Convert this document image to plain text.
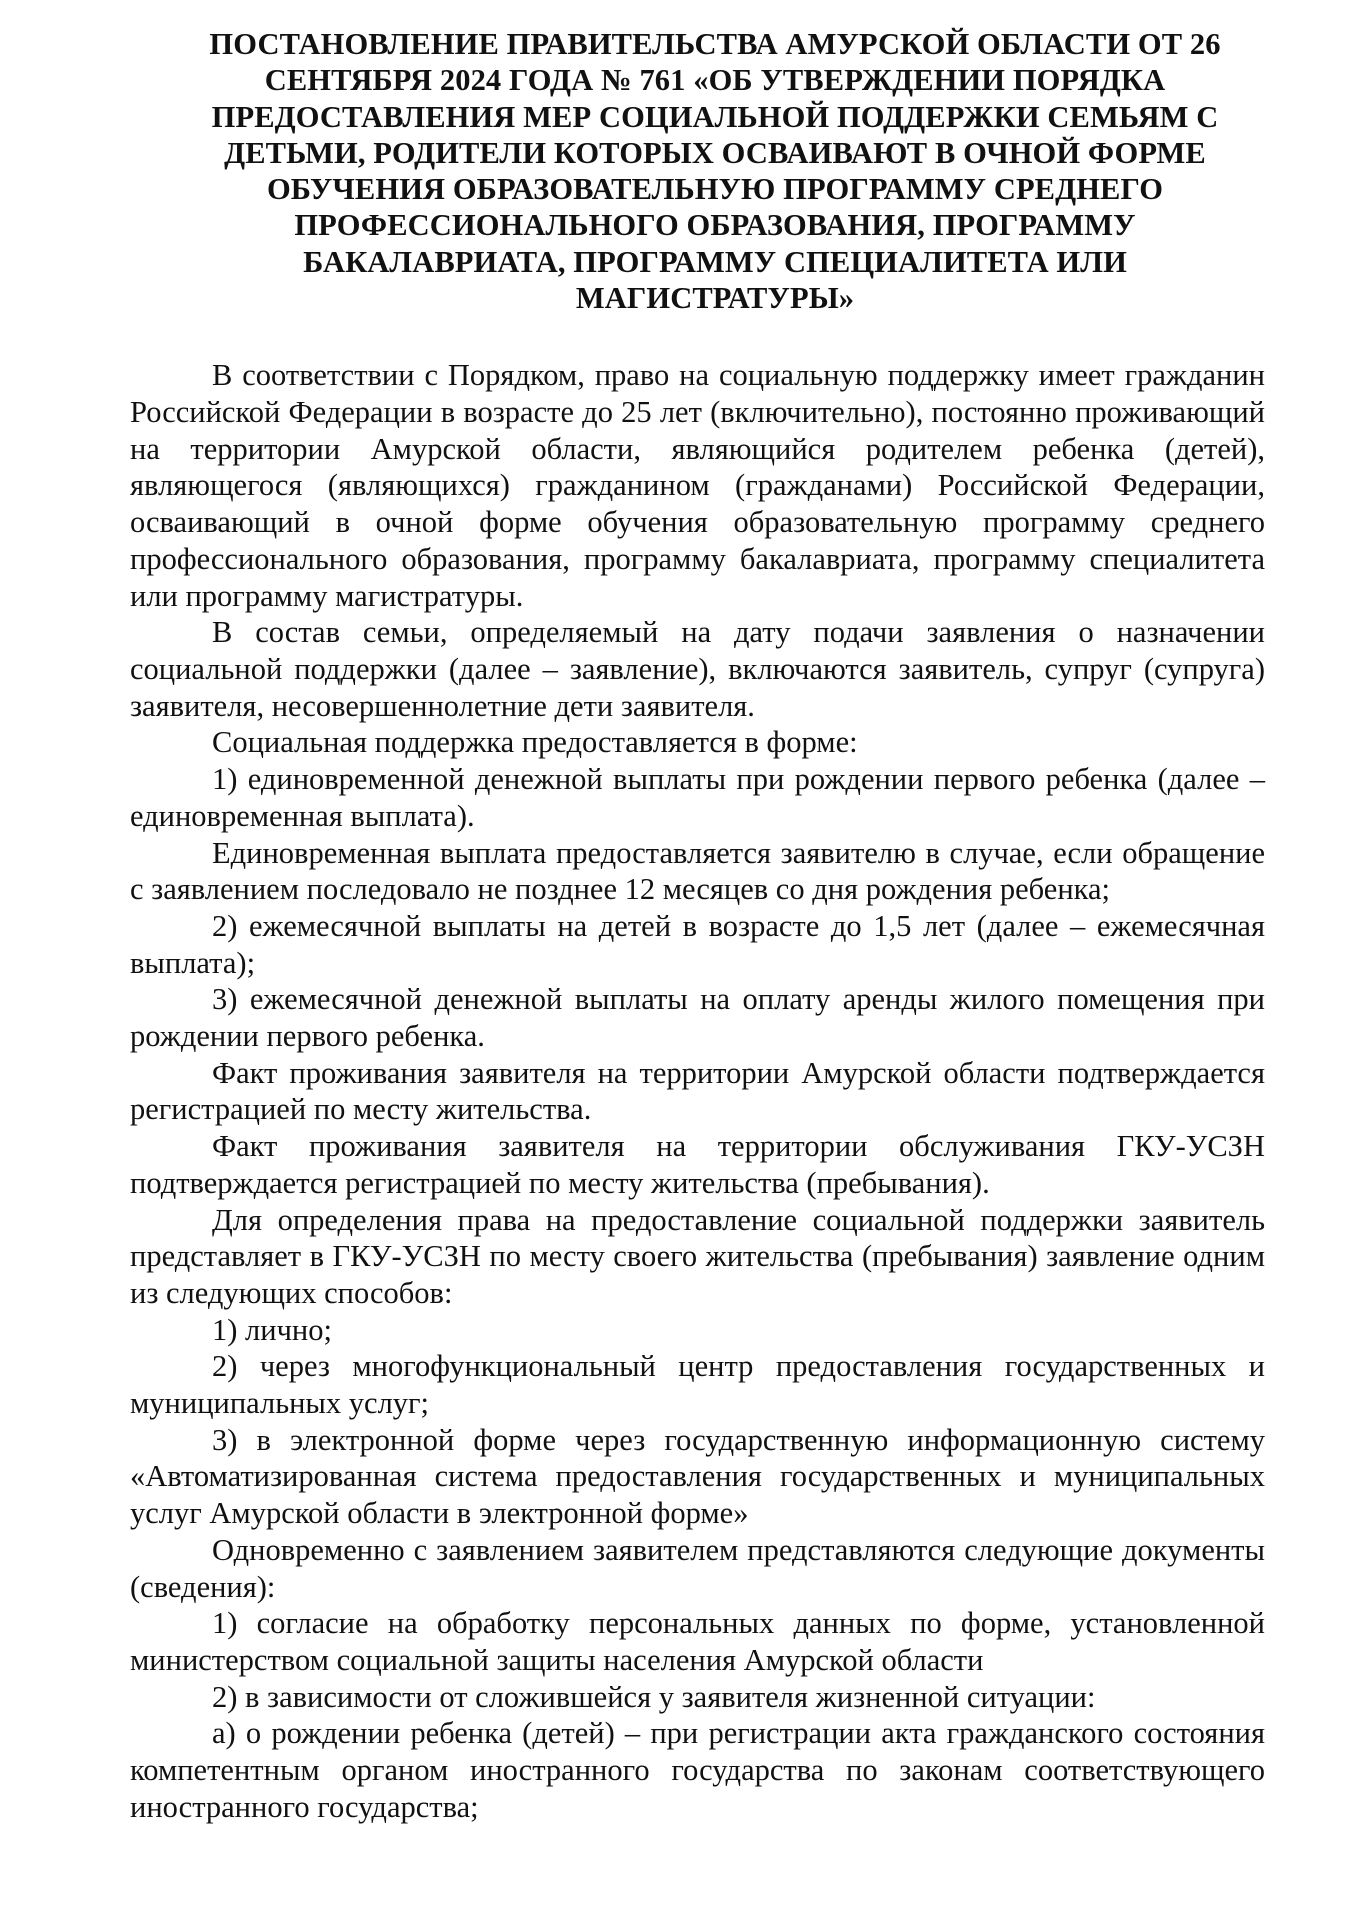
ПОСТАНОВЛЕНИЕ ПРАВИТЕЛЬСТВА АМУРСКОЙ ОБЛАСТИ ОТ 26 СЕНТЯБРЯ 2024 ГОДА № 761 «ОБ УТВЕРЖДЕНИИ ПОРЯДКА ПРЕДОСТАВЛЕНИЯ МЕР СОЦИАЛЬНОЙ ПОДДЕРЖКИ СЕМЬЯМ С ДЕТЬМИ, РОДИТЕЛИ КОТОРЫХ ОСВАИВАЮТ В ОЧНОЙ ФОРМЕ ОБУЧЕНИЯ ОБРАЗОВАТЕЛЬНУЮ ПРОГРАММУ СРЕДНЕГО ПРОФЕССИОНАЛЬНОГО ОБРАЗОВАНИЯ, ПРОГРАММУ БАКАЛАВРИАТА, ПРОГРАММУ СПЕЦИАЛИТЕТА ИЛИ МАГИСТРАТУРЫ»

В соответствии с Порядком, право на социальную поддержку имеет гражданин Российской Федерации в возрасте до 25 лет (включительно), постоянно проживающий на территории Амурской области, являющийся родителем ребенка (детей), являющегося (являющихся) гражданином (гражданами) Российской Федерации, осваивающий в очной форме обучения образовательную программу среднего профессионального образования, программу бакалавриата, программу специалитета или программу магистратуры.

В состав семьи, определяемый на дату подачи заявления о назначении социальной поддержки (далее – заявление), включаются заявитель, супруг (супруга) заявителя, несовершеннолетние дети заявителя.

Социальная поддержка предоставляется в форме:

1) единовременной денежной выплаты при рождении первого ребенка (далее – единовременная выплата).

Единовременная выплата предоставляется заявителю в случае, если обращение с заявлением последовало не позднее 12 месяцев со дня рождения ребенка;

2) ежемесячной выплаты на детей в возрасте до 1,5 лет (далее – ежемесячная выплата);

3) ежемесячной денежной выплаты на оплату аренды жилого помещения при рождении первого ребенка.

Факт проживания заявителя на территории Амурской области подтверждается регистрацией по месту жительства.

Факт проживания заявителя на территории обслуживания ГКУ-УСЗН подтверждается регистрацией по месту жительства (пребывания).

Для определения права на предоставление социальной поддержки заявитель представляет в ГКУ-УСЗН по месту своего жительства (пребывания) заявление одним из следующих способов:

1) лично;

2) через многофункциональный центр предоставления государственных и муниципальных услуг;

3) в электронной форме через государственную информационную систему «Автоматизированная система предоставления государственных и муниципальных услуг Амурской области в электронной форме»

Одновременно с заявлением заявителем представляются следующие документы (сведения):

1) согласие на обработку персональных данных по форме, установленной министерством социальной защиты населения Амурской области

2) в зависимости от сложившейся у заявителя жизненной ситуации:

а) о рождении ребенка (детей) – при регистрации акта гражданского состояния компетентным органом иностранного государства по законам соответствующего иностранного государства;
